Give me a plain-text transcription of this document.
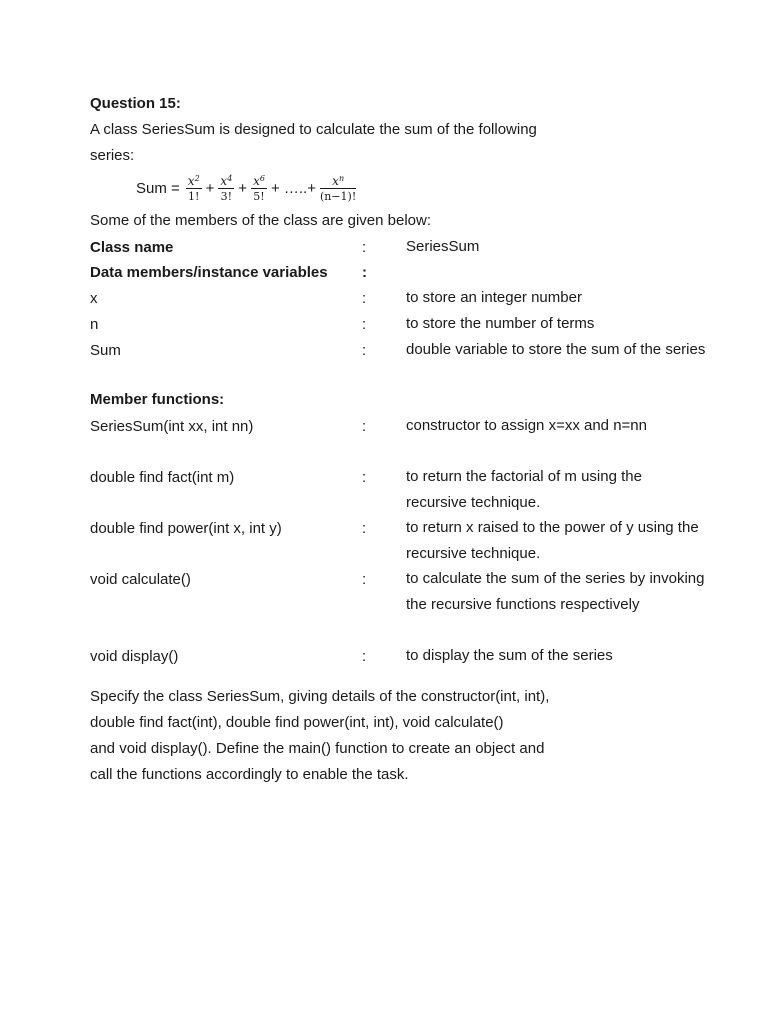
Question 15:
A class SeriesSum is designed to calculate the sum of the following
series:
Sum = $\frac{x^2}{1!} + \frac{x^4}{3!} + \frac{x^6}{5!}$ + …..+ $\frac{x^n}{(n-1)!}$
Some of the members of the class are given below:
Class name	:	SeriesSum
Data members/instance variables :
x	:	to store an integer number
n	:	to store the number of terms
Sum	:	double variable to store the sum of the series
Member functions:
SeriesSum(int xx, int nn)	:	constructor to assign x=xx and n=nn
double find fact(int m)	:	to return the factorial of m using the recursive technique.
double find power(int x, int y)	:	to return x raised to the power of y using the recursive technique.
void calculate()	:	to calculate the sum of the series by invoking the recursive functions respectively
void display()	:	to display the sum of the series
Specify the class SeriesSum, giving details of the constructor(int, int),
double find fact(int), double find power(int, int), void calculate()
and void display(). Define the main() function to create an object and
call the functions accordingly to enable the task.
